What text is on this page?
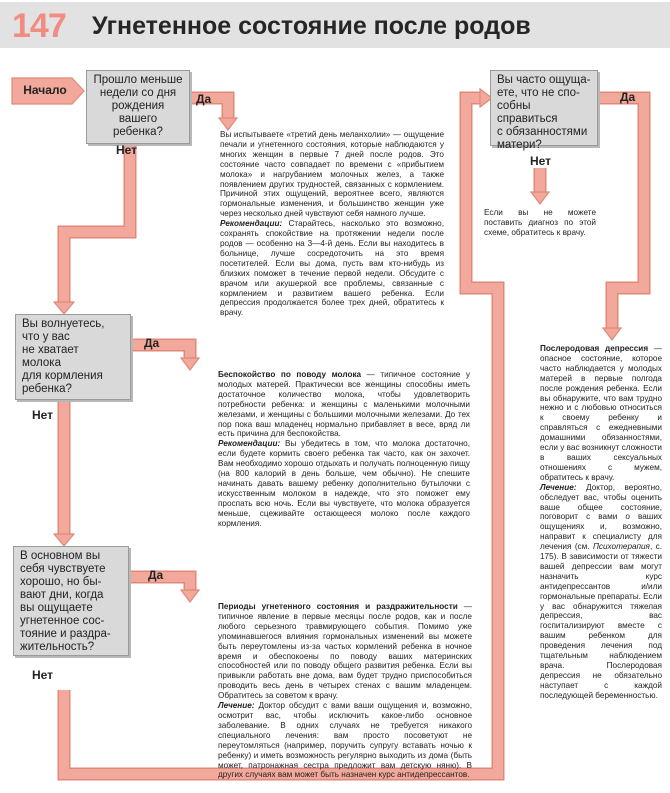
147 Угнетенное состояние после родов
Начало
Прошло меньше
недели со дня
рождения
вашего ребенка?
Вы волнуетесь,
что у вас
не хватает
молока
для кормления
ребенка?
В основном вы
себя чувствуете
хорошо, но бы-
вают дни, когда
вы ощущаете
угнетенное сос-
тояние и раздра-
жительность?
Вы часто ощуща-
ете, что не спо-
собны справиться
с обязанностями
матери?
Да
Нет
Да
Нет
Да
Нет
Да
Нет

Вы испытываете «третий день меланхолии» — ощущение печали и угнетенного состояния, которые наблюдаются у многих женщин в первые 7 дней после родов. Это состояние часто совпадает по времени с «прибытием молока» и нагрубанием молочных желез, а также появлением других трудностей, связанных с кормлением. Причиной этих ощущений, вероятнее всего, являются гормональные изменения, и большинство женщин уже через несколько дней чувствуют себя намного лучше.

Рекомендации: Старайтесь, насколько это возможно, сохранять спокойствие на протяжении недели после родов — особенно на 3—4-й день. Если вы находитесь в больнице, лучше сосредоточить на это время посетителей. Если вы дома, пусть вам кто-нибудь из близких поможет в течение первой недели. Обсудите с врачом или акушеркой все проблемы, связанные с кормлением и развитием вашего ребенка. Если депрессия продолжается более трех дней, обратитесь к врачу.

Беспокойство по поводу молока — типичное состояние у молодых матерей. Практически все женщины способны иметь достаточное количество молока, чтобы удовлетворить потребности ребенка: и женщины с маленькими молочными железами, и женщины с большими молочными железами. До тех пор пока ваш младенец нормально прибавляет в весе, вряд ли есть причина для беспокойства.

Рекомендации: Вы убедитесь в том, что молока достаточно, если будете кормить своего ребенка так часто, как он захочет. Вам необходимо хорошо отдыхать и получать полноценную пищу (на 800 калорий в день больше, чем обычно). Не спешите начинать давать вашему ребенку дополнительно бутылочки с искусственным молоком в надежде, что это поможет ему проспать всю ночь. Если вы чувствуете, что молока образуется меньше, сцеживайте остающееся молоко после каждого кормления.

Периоды угнетенного состояния и раздражительности — типичное явление в первые месяцы после родов, как и после любого серьезного травмирующего события. Помимо уже упоминавшегося влияния гормональных изменений вы можете быть переутомлены из-за частых кормлений ребенка в ночное время и обеспокоены по поводу ваших материнских способностей или по поводу общего развития ребенка. Если вы привыкли работать вне дома, вам будет трудно приспособиться проводить весь день в четырех стенах с вашим младенцем. Обратитесь за советом к врачу.

Лечение: Доктор обсудит с вами ваши ощущения и, возможно, осмотрит вас, чтобы исключить какое-либо основное заболевание. В одних случаях не требуется никакого специального лечения: вам просто посоветуют не переутомляться (например, поручить супругу вставать ночью к ребенку) и иметь возможность регулярно выходить из дома (быть может, патронажная сестра предложит вам детскую няню). В других случаях вам может быть назначен курс антидепрессантов.

Если вы не можете поставить диагноз по этой схеме, обратитесь к врачу.

Послеродовая депрессия — опасное состояние, которое часто наблюдается у молодых матерей в первые полгода после рождения ребенка. Если вы обнаружите, что вам трудно нежно и с любовью относиться к своему ребенку и справляться с ежедневными домашними обязанностями, если у вас возникнут сложности в ваших сексуальных отношениях с мужем, обратитесь к врачу.

Лечение: Доктор, вероятно, обследует вас, чтобы оценить ваше общее состояние, поговорит с вами о ваших ощущениях и, возможно, направит к специалисту для лечения (см. Психотерапия, с. 175). В зависимости от тяжести вашей депрессии вам могут назначить курс антидепрессантов и/или гормональные препараты. Если у вас обнаружится тяжелая депрессия, вас госпитализируют вместе с вашим ребенком для проведения лечения под тщательным наблюдением врача. Послеродовая депрессия не обязательно наступает с каждой последующей беременностью.
